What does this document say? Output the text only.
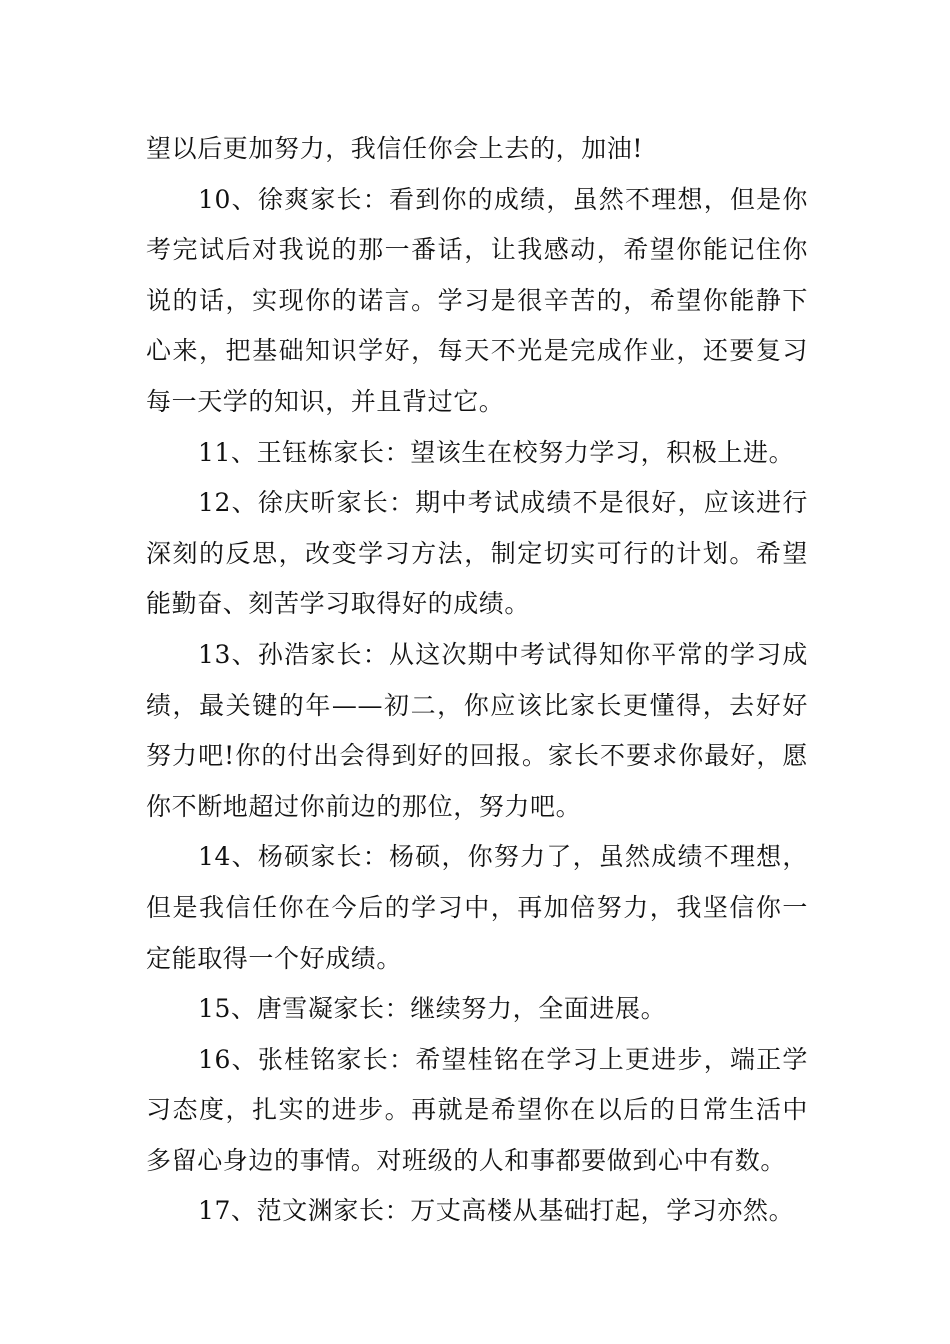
望以后更加努力，我信任你会上去的，加油!

10、徐爽家长：看到你的成绩，虽然不理想，但是你考完试后对我说的那一番话，让我感动，希望你能记住你说的话，实现你的诺言。学习是很辛苦的，希望你能静下心来，把基础知识学好，每天不光是完成作业，还要复习每一天学的知识，并且背过它。

11、王钰栋家长：望该生在校努力学习，积极上进。

12、徐庆昕家长：期中考试成绩不是很好，应该进行深刻的反思，改变学习方法，制定切实可行的计划。希望能勤奋、刻苦学习取得好的成绩。

13、孙浩家长：从这次期中考试得知你平常的学习成绩，最关键的年——初二，你应该比家长更懂得，去好好努力吧!你的付出会得到好的回报。家长不要求你最好，愿你不断地超过你前边的那位，努力吧。

14、杨硕家长：杨硕，你努力了，虽然成绩不理想，但是我信任你在今后的学习中，再加倍努力，我坚信你一定能取得一个好成绩。

15、唐雪凝家长：继续努力，全面进展。

16、张桂铭家长：希望桂铭在学习上更进步，端正学习态度，扎实的进步。再就是希望你在以后的日常生活中多留心身边的事情。对班级的人和事都要做到心中有数。

17、范文渊家长：万丈高楼从基础打起，学习亦然。
